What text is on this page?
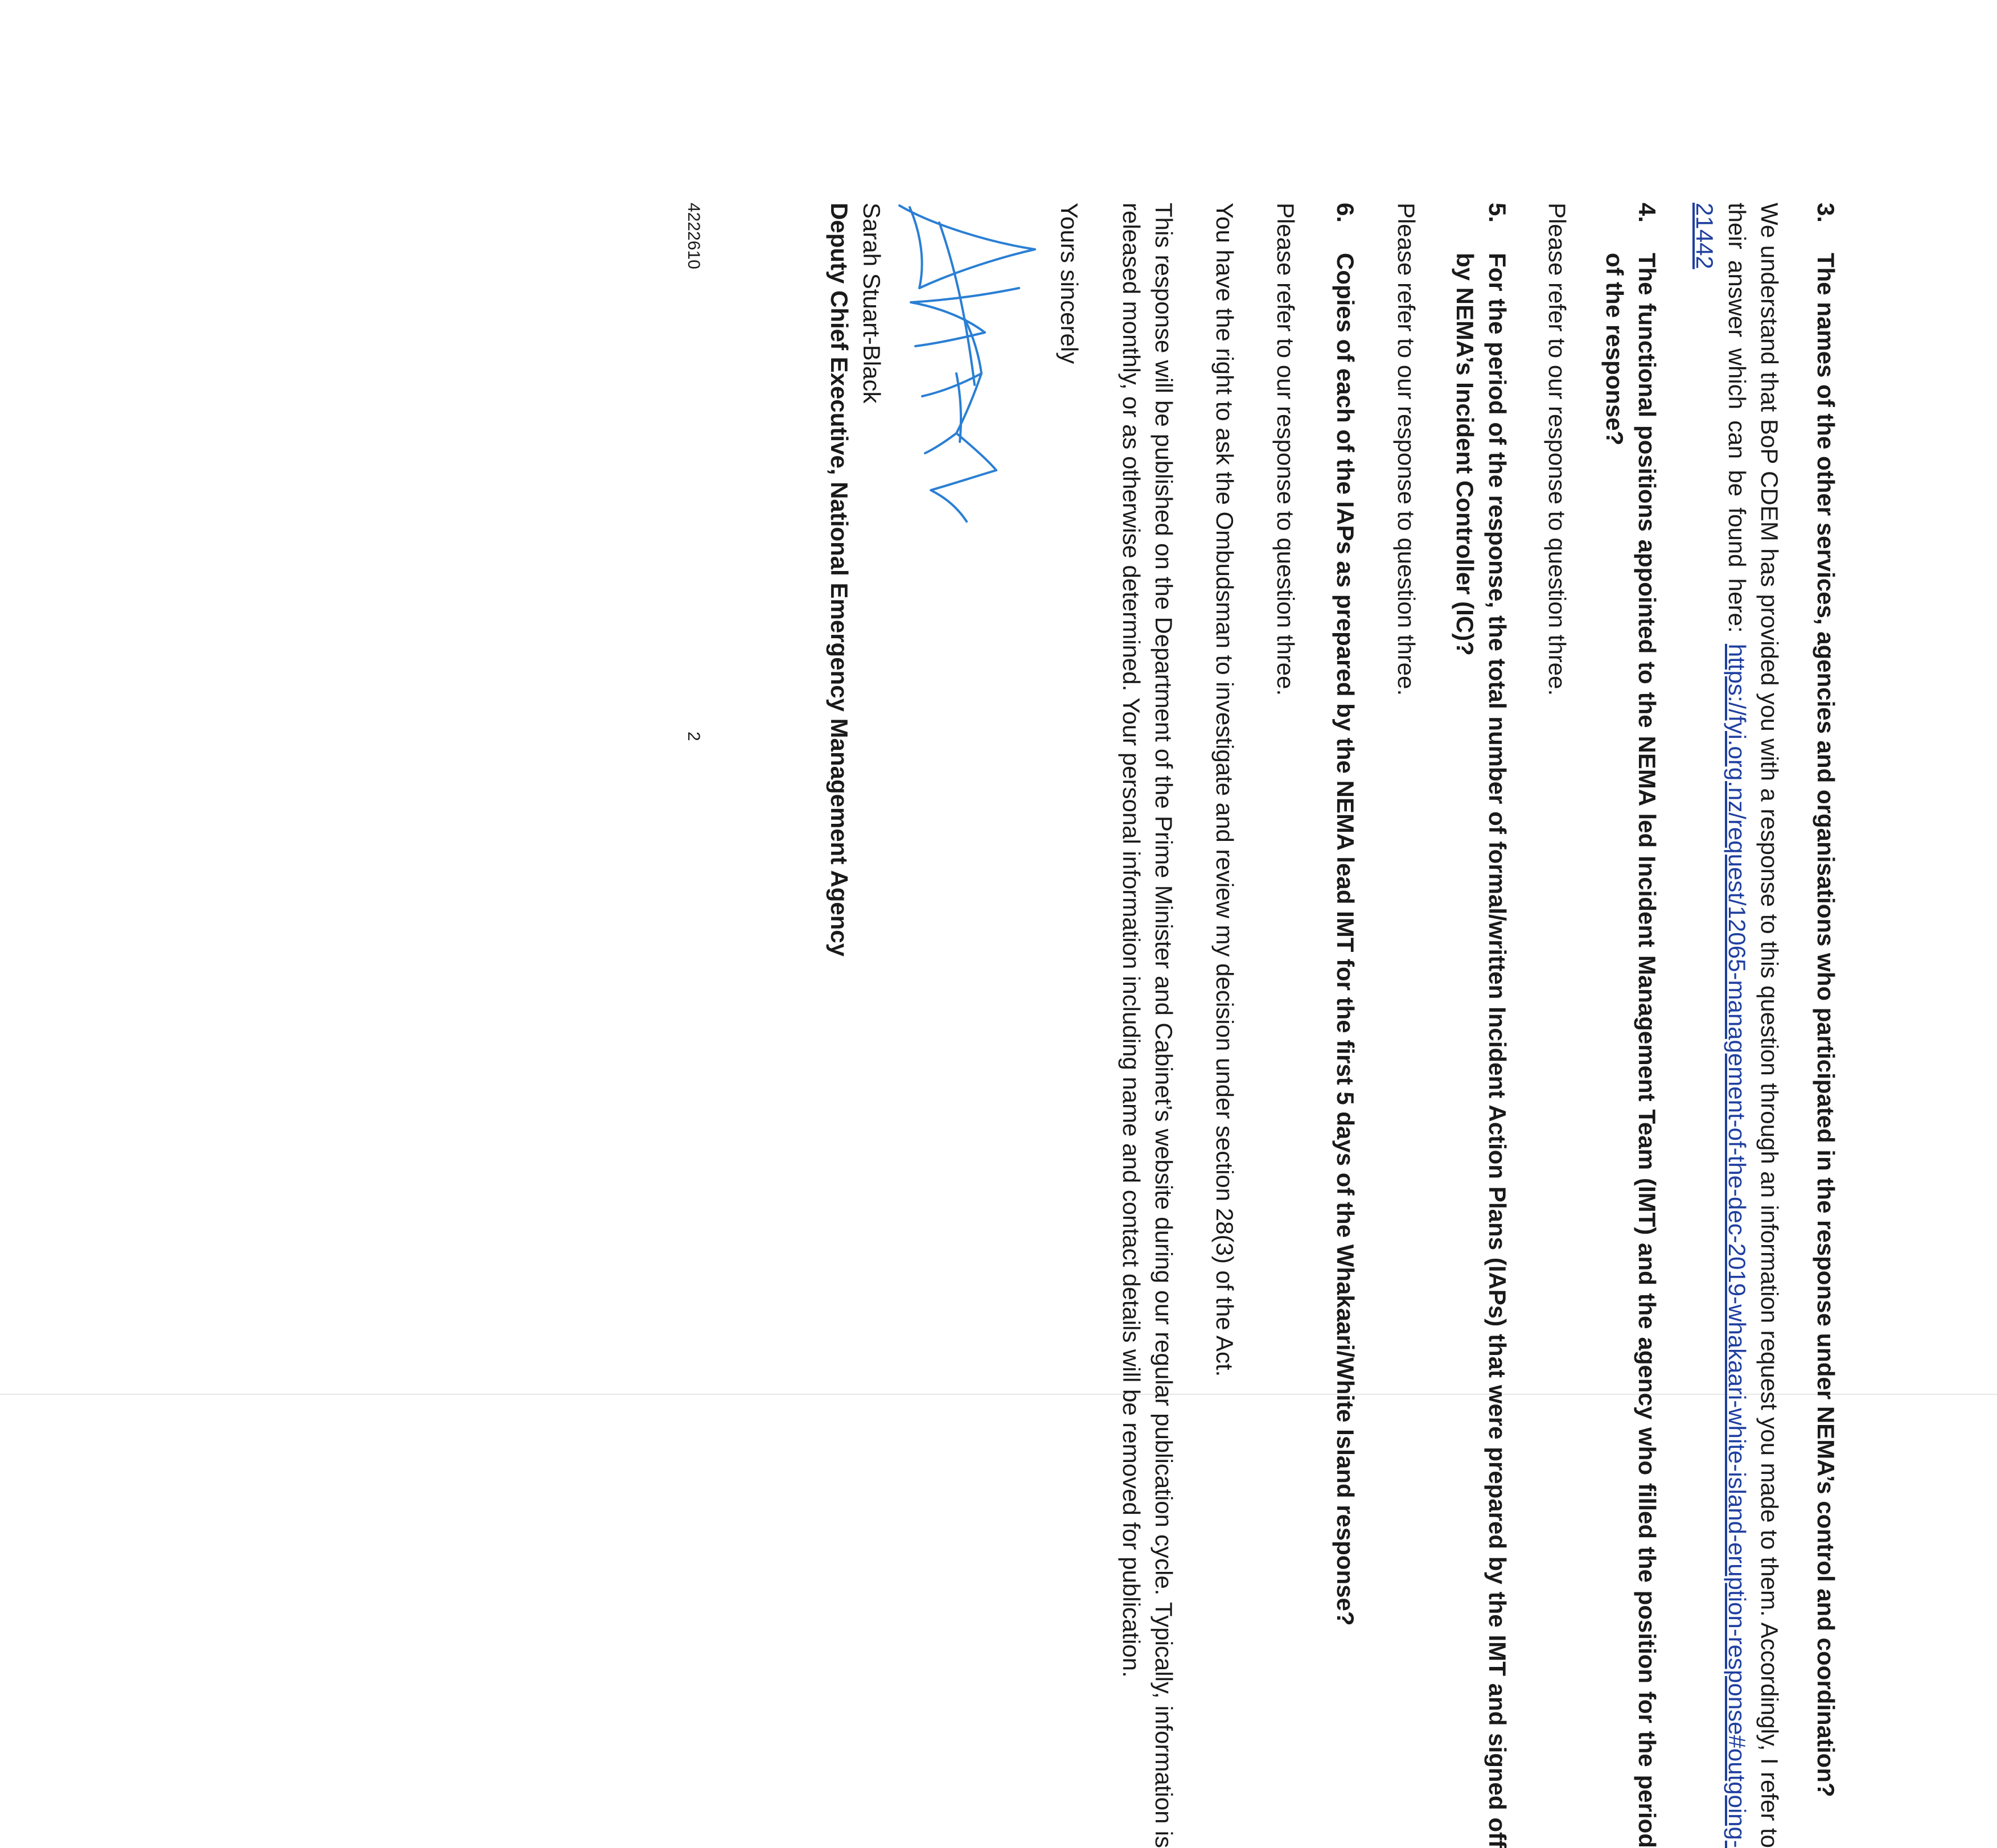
3.
The names of the other services, agencies and organisations who participated in the response under NEMA’s control and coordination?

We understand that BoP CDEM has provided you with a response to this question through an information request you made to them. Accordingly, I refer to their answer which can be found here: https://fyi.org.nz/request/12065-management-of-the-dec-2019-whakaari-white-island-eruption-response#outgoing-21442

4.
The functional positions appointed to the NEMA led Incident Management Team (IMT) and the agency who filled the position for the period of the response?

Please refer to our response to question three.

5.
For the period of the response, the total number of formal/written Incident Action Plans (IAPs) that were prepared by the IMT and signed off by NEMA’s Incident Controller (IC)?

Please refer to our response to question three.

6.
Copies of each of the IAPs as prepared by the NEMA lead IMT for the first 5 days of the Whakaari/White Island response?

Please refer to our response to question three.

You have the right to ask the Ombudsman to investigate and review my decision under section 28(3) of the Act.

This response will be published on the Department of the Prime Minister and Cabinet’s website during our regular publication cycle. Typically, information is released monthly, or as otherwise determined. Your personal information including name and contact details will be removed for publication.

Yours sincerely

Sarah Stuart-Black

Deputy Chief Executive, National Emergency Management Agency

4222610
2
